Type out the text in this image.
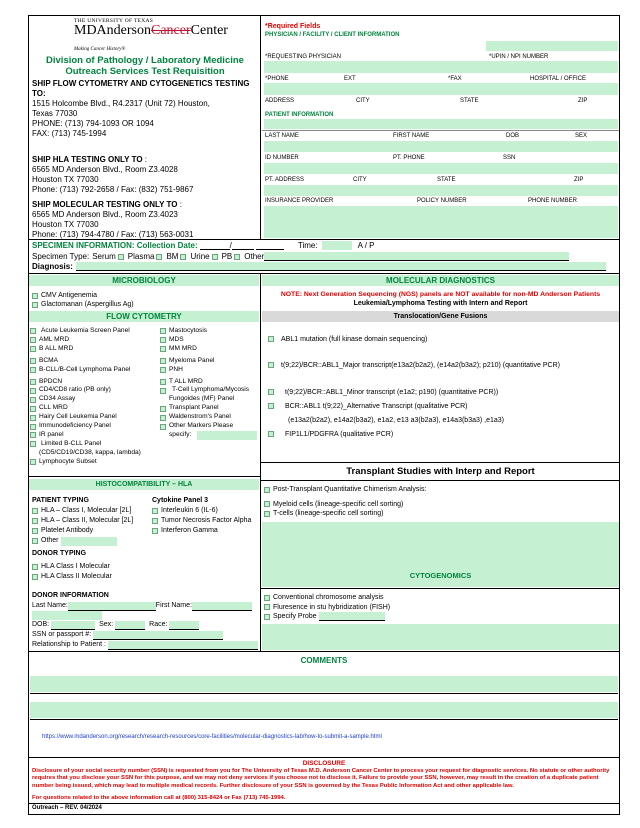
THE UNIVERSITY OF TEXAS
MDAndersonCancerCenter
Making Cancer History®
Division of Pathology / Laboratory Medicine
Outreach Services Test Requisition
SHIP FLOW CYTOMETRY AND CYTOGENETICS TESTING TO:
1515 Holcombe Blvd., R4.2317 (Unit 72) Houston,
Texas 77030
PHONE: (713) 794-1093 OR 1094
FAX: (713) 745-1994
SHIP HLA TESTING ONLY TO :
6565 MD Anderson Blvd., Room Z3.4028
Houston TX 77030
Phone: (713) 792-2658 / Fax: (832) 751-9867
SHIP MOLECULAR TESTING ONLY TO :
6565 MD Anderson Blvd., Room Z3.4023
Houston TX 77030
Phone: (713) 794-4780 / Fax: (713) 563-0031
*Required Fields
PHYSICIAN / FACILITY / CLIENT INFORMATION
*REQUESTING PHYSICIAN	*UPIN / NPI NUMBER
*PHONE	EXT	*FAX	HOSPITAL / OFFICE
ADDRESS	CITY	STATE	ZIP
PATIENT INFORMATION
LAST NAME	FIRST NAME	DOB	SEX
ID NUMBER	PT. PHONE	SSN
PT. ADDRESS	CITY	STATE	ZIP
INSURANCE PROVIDER	POLICY NUMBER	PHONE NUMBER
SPECIMEN INFORMATION: Collection Date:	/	Time:	A / P
Specimen Type: Serum Plasma BM Urine PB Other
Diagnosis:
MICROBIOLOGY	MOLECULAR DIAGNOSTICS
CMV Antigenemia
Glactomanan (Aspergillus Ag)
NOTE: Next Generation Sequencing (NGS) panels are NOT available for non-MD Anderson Patients
Leukemia/Lymphoma Testing with Intern and Report
FLOW CYTOMETRY	Translocation/Gene Fusions
Acute Leukemia Screen Panel
AML MRD
B ALL MRD
BCMA
B-CLL/B-Cell Lymphoma Panel
BPDCN
CD4/CD8 ratio (PB only)
CD34 Assay
CLL MRD
Hairy Cell Leukemia Panel
Immunodeficiency Panel
IR panel
Limited B-CLL Panel
(CD5/CD19/CD38, kappa, lambda)
Lymphocyte Subset
Mastocytosis
MDS
MM MRD
Myeloma Panel
PNH
T ALL MRD
T-Cell Lymphoma/Mycosis
Fungoides (MF) Panel
Transplant Panel
Waldenstrom's Panel
Other Markers Please
specify:
ABL1 mutation (full kinase domain sequencing)
t(9;22)/BCR::ABL1_Major transcript(e13a2(b2a2), (e14a2(b3a2); p210) (quantitative PCR)
t(9;22)/BCR::ABL1_Minor transcript (e1a2; p190) (quantitative PCR))
BCR::ABL1 t(9;22)_Alternative Transcript (qualitative PCR)
(e13a2(b2a2), e14a2(b3a2), e1a2, e13 a3(b2a3), e14a3(b3a3) ,e1a3)
FIP1L1/PDGFRA (qualitative PCR)
HISTOCOMPATIBILITY – HLA
PATIENT TYPING
HLA – Class I, Molecular [2L]
HLA – Class II, Molecular [2L]
Platelet Antibody
Other
DONOR TYPING
HLA Class I Molecular
HLA Class II Molecular
Cytokine Panel 3
Interleukin 6 (IL-6)
Tumor Necrosis Factor Alpha
Interferon Gamma
DONOR INFORMATION
Last Name:	First Name:
DOB:	Sex:	Race:
SSN or passport #:
Relationship to Patient :
Transplant Studies with Interp and Report
Post-Transplant Quantitative Chimerism Analysis:
Myeloid cells (lineage-specific cell sorting)
T-cells (lineage-specific cell sorting)
CYTOGENOMICS
Conventional chromosome analysis
Fluresence in stu hybridization (FISH)
Specify Probe
COMMENTS
https://www.mdanderson.org/research/research-resources/core-facilities/molecular-diagnostics-lab/how-to-submit-a-sample.html
DISCLOSURE
Disclosure of your social security number (SSN) is requested from you for The University of Texas M.D. Anderson Cancer Center to process your request for diagnostic services. No statute or other authority requires that you disclose your SSN for this purpose, and we may not deny services if you choose not to disclose it. Failure to provide your SSN, however, may result in the creation of a duplicate patient number being issued, which may lead to multiple medical records. Further disclosure of your SSN is governed by the Texas Public Information Act and other applicable law.
For questions related to the above information call at (800) 315-8424 or Fax (713) 745-1994.
Outreach – REV. 04/2024
